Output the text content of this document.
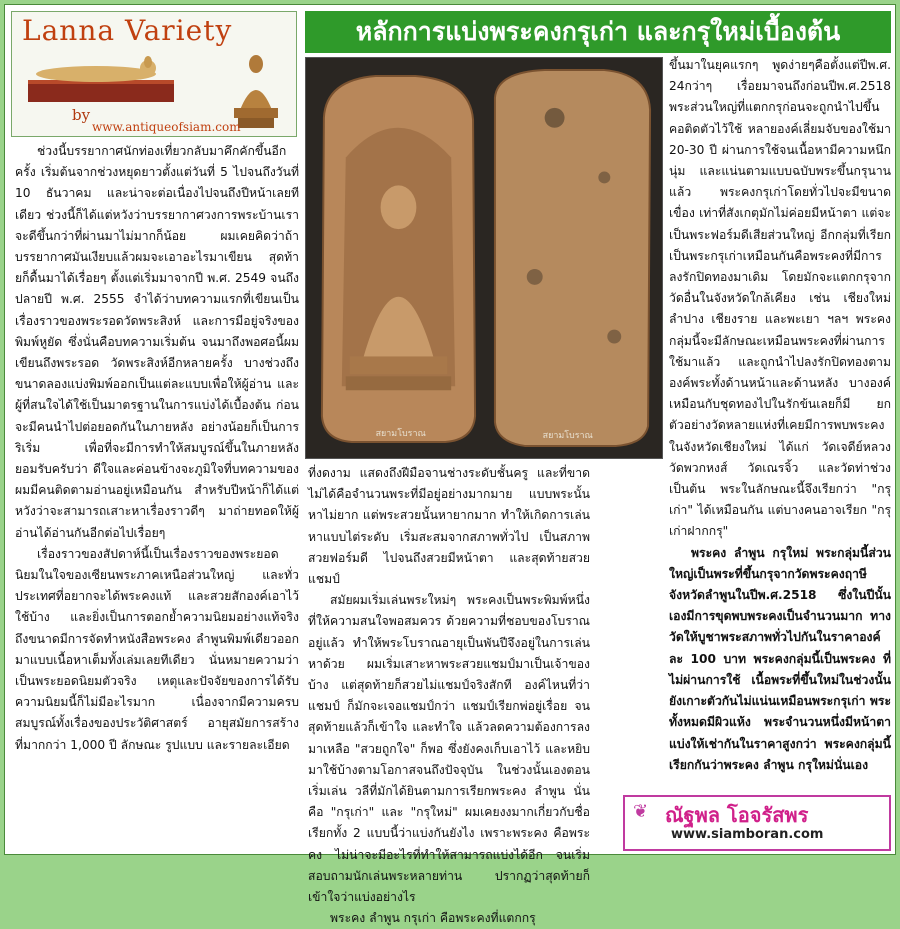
Lanna Variety
by
www.antiqueofsiam.com
หลักการแบ่งพระคงกรุเก่า และกรุใหม่เบื้องต้น
สยามโบราณ	สยามโบราณ

ช่วงนี้บรรยากาศนักท่องเที่ยวกลับมาคึกคักขึ้นอีกครั้ง เริ่มต้นจากช่วงหยุดยาวตั้งแต่วันที่ 5 ไปจนถึงวันที่ 10 ธันวาคม และน่าจะต่อเนื่องไปจนถึงปีหน้าเลยทีเดียว ช่วงนี้ก็ได้แต่หวังว่าบรรยากาศวงการพระบ้านเราจะดีขึ้นกว่าที่ผ่านมาไม่มากก็น้อย ผมเคยคิดว่าถ้าบรรยากาศมันเงียบแล้วผมจะเอาอะไรมาเขียน สุดท้ายก็ดื้นมาได้เรื่อยๆ ตั้งแต่เริ่มมาจากปี พ.ศ. 2549 จนถึงปลายปี พ.ศ. 2555 จำได้ว่าบทความแรกที่เขียนเป็นเรื่องราวของพระรอดวัดพระสิงห์ และการมีอยู่จริงของพิมพ์หูยัด ซึ่งนั่นคือบทความเริ่มต้น จนมาถึงพอศอนี้ผมเขียนถึงพระรอด วัดพระสิงห์อีกหลายครั้ง บางช่วงถึงขนาดลองแบ่งพิมพ์ออกเป็นแต่ละแบบเพื่อให้ผู้อ่าน และผู้ที่สนใจได้ใช้เป็นมาตรฐานในการแบ่งได้เบื้องต้น ก่อนจะมีคนนำไปต่อยอดกันในภายหลัง อย่างน้อยก็เป็นการริเริ่ม เพื่อที่จะมีการทำให้สมบูรณ์ขึ้นในภายหลัง ยอมรับครับว่า ดีใจและค่อนข้างจะภูมิใจที่บทความของผมมีคนติดตามอ่านอยู่เหมือนกัน สำหรับปีหน้าก็ได้แต่หวังว่าจะสามารถเสาะหาเรื่องราวดีๆ มาถ่ายทอดให้ผู้อ่านได้อ่านกันอีกต่อไปเรื่อยๆ

เรื่องราวของสัปดาห์นี้เป็นเรื่องราวของพระยอดนิยมในใจของเซียนพระภาคเหนือส่วนใหญ่ และทั่วประเทศที่อยากจะได้พระคงแท้ และสวยสักองค์เอาไว้ใช้บ้าง และยิ่งเป็นการตอกย้ำความนิยมอย่างแท้จริง ถึงขนาดมีการจัดทำหนังสือพระคง ลำพูนพิมพ์เดียวออกมาแบบเนื้อหาเต็มทั้งเล่มเลยทีเดียว นั่นหมายความว่า เป็นพระยอดนิยมตัวจริง เหตุและปัจจัยของการได้รับความนิยมนี้ก็ไม่มีอะไรมาก เนื่องจากมีความครบสมบูรณ์ทั้งเรื่องของประวัติศาสตร์ อายุสมัยการสร้างที่มากกว่า 1,000 ปี ลักษณะ รูปแบบ และรายละเอียด

ที่งดงาม แสดงถึงฝีมือจานช่างระดับชั้นครู และที่ขาดไม่ได้คือจำนวนพระที่มีอยู่อย่างมากมาย แบบพระนั้นหาไม่ยาก แต่พระสวยนั้นหายากมาก ทำให้เกิดการเล่นหาแบบไต่ระดับ เริ่มสะสมจากสภาพทั่วไป เป็นสภาพสวยฟอร์มดี ไปจนถึงสวยมีหน้าตา และสุดท้ายสวยแชมป์

สมัยผมเริ่มเล่นพระใหม่ๆ พระคงเป็นพระพิมพ์หนึ่งที่ให้ความสนใจพอสมควร ด้วยความที่ชอบของโบราณอยู่แล้ว ทำให้พระโบราณอายุเป็นพันปีจึงอยู่ในการเล่นหาด้วย ผมเริ่มเสาะหาพระสวยแชมป์มาเป็นเจ้าของบ้าง แต่สุดท้ายก็สวยไม่แชมป์จริงสักที องค์ไหนที่ว่าแชมป์ ก็มักจะเจอแชมป์กว่า แชมป์เรียกพ่อยู่เรื่อย จนสุดท้ายแล้วก็เข้าใจ และทำใจ แล้วลดความต้องการลงมาเหลือ "สวยถูกใจ" ก็พอ ซึ่งยังคงเก็บเอาไว้ และหยิบมาใช้บ้างตามโอกาสจนถึงปัจจุบัน ในช่วงนั้นเองตอนเริ่มเล่น วลีที่มักได้ยินตามการเรียกพระคง ลำพูน นั่นคือ "กรุเก่า" และ "กรุใหม่" ผมเคยงงมากเกี่ยวกับชื่อเรียกทั้ง 2 แบบนี้ว่าแบ่งกันยังไง เพราะพระคง คือพระคง ไม่น่าจะมีอะไรที่ทำให้สามารถแบ่งได้อีก จนเริ่มสอบถามนักเล่นพระหลายท่าน ปรากฏว่าสุดท้ายก็เข้าใจว่าแบ่งอย่างไร

พระคง ลำพูน กรุเก่า คือพระคงที่แตกกรุ

ขึ้นมาในยุคแรกๆ พูดง่ายๆคือตั้งแต่ปีพ.ศ. 24กว่าๆ เรื่อยมาจนถึงก่อนปีพ.ศ.2518 พระส่วนใหญ่ที่แตกกรุก่อนจะถูกนำไปขึ้นคอติดตัวไว้ใช้ หลายองค์เลี่ยมจับของใช้มา 20-30 ปี ผ่านการใช้จนเนื้อหามีความหนึกนุ่ม และแน่นตามแบบฉบับพระขึ้นกรุนานแล้ว พระคงกรุเก่าโดยทั่วไปจะมีขนาดเขื่อง เท่าที่สังเกตุมักไม่ค่อยมีหน้าตา แต่จะเป็นพระฟอร์มดีเสียส่วนใหญ่ อีกกลุ่มที่เรียกเป็นพระกรุเก่าเหมือนกันคือพระคงที่มีการลงรักปิดทองมาเดิม โดยมักจะแตกกรุจากวัดอื่นในจังหวัดใกล้เคียง เช่น เชียงใหม่ ลำปาง เชียงราย และพะเยา ฯลฯ พระคงกลุ่มนี้จะมีลักษณะเหมือนพระคงที่ผ่านการใช้มาแล้ว และถูกนำไปลงรักปิดทองตามองค์พระทั้งด้านหน้าและด้านหลัง บางองค์เหมือนกับชุดทองไปในรักข้นเลยก็มี ยกตัวอย่างวัดหลายแห่งที่เคยมีการพบพระคงในจังหวัดเชียงใหม่ ได้แก่ วัดเจดีย์หลวง วัดพวกหงส์ วัดเณรจิ้ว และวัดท่าช่วงเป็นต้น พระในลักษณะนี้จึงเรียกว่า "กรุเก่า" ได้เหมือนกัน แต่บางคนอาจเรียก "กรุเก่าฝากกรุ"

พระคง ลำพูน กรุใหม่ พระกลุ่มนี้ส่วนใหญ่เป็นพระที่ขึ้นกรุจากวัดพระคงฤาษี จังหวัดลำพูนในปีพ.ศ.2518 ซึ่งในปีนั้นเองมีการขุดพบพระคงเป็นจำนวนมาก ทางวัดให้บูชาพระสภาพทั่วไปกันในราคาองค์ละ 100 บาท พระคงกลุ่มนี้เป็นพระคง ที่ไม่ผ่านการใช้ เนื้อพระที่ขึ้นใหม่ในช่วงนั้นยังเกาะตัวกันไม่แน่นเหมือนพระกรุเก่า พระทั้งหมดมีผิวแห้ง พระจำนวนหนึ่งมีหน้าตาแบ่งให้เช่ากันในราคาสูงกว่า พระคงกลุ่มนี้เรียกกันว่าพระคง ลำพูน กรุใหม่นั่นเอง

❦ ณัฐพล โอจรัสพร
www.siamboran.com
